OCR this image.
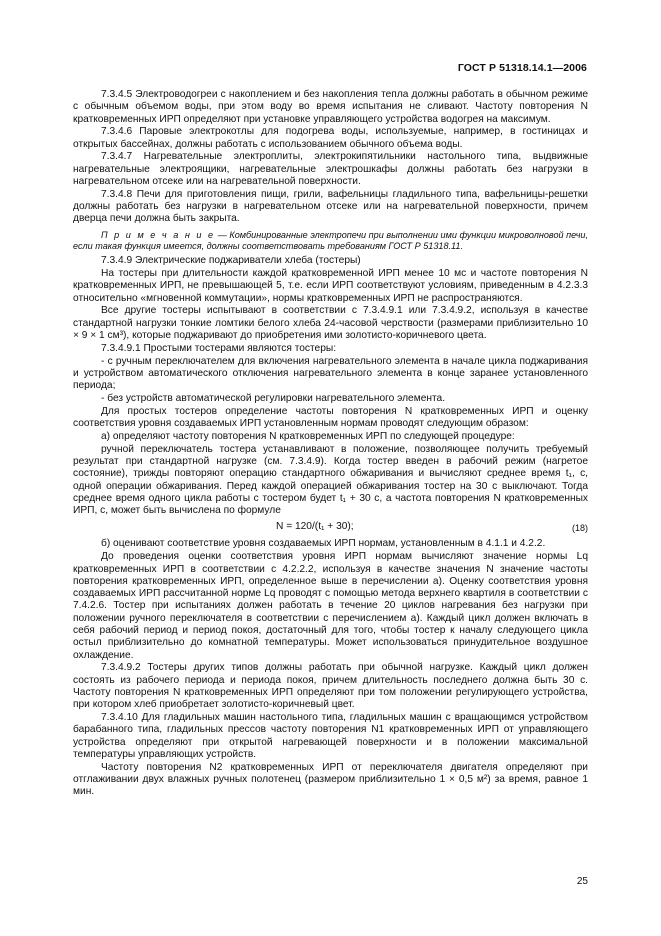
ГОСТ Р 51318.14.1—2006

7.3.4.5 Электроводогреи с накоплением и без накопления тепла должны работать в обычном режиме с обычным объемом воды, при этом воду во время испытания не сливают. Частоту повторения N кратковременных ИРП определяют при установке управляющего устройства водогрея на максимум.

7.3.4.6 Паровые электрокотлы для подогрева воды, используемые, например, в гостиницах и открытых бассейнах, должны работать с использованием обычного объема воды.

7.3.4.7 Нагревательные электроплиты, электрокипятильники настольного типа, выдвижные нагревательные электроящики, нагревательные электрошкафы должны работать без нагрузки в нагревательном отсеке или на нагревательной поверхности.

7.3.4.8 Печи для приготовления пищи, грили, вафельницы гладильного типа, вафельницы-решетки должны работать без нагрузки в нагревательном отсеке или на нагревательной поверхности, причем дверца печи должна быть закрыта.

П р и м е ч а н и е — Комбинированные электропечи при выполнении ими функции микроволновой печи, если такая функция имеется, должны соответствовать требованиям ГОСТ Р 51318.11.

7.3.4.9 Электрические поджариватели хлеба (тостеры)

На тостеры при длительности каждой кратковременной ИРП менее 10 мс и частоте повторения N кратковременных ИРП, не превышающей 5, т.е. если ИРП соответствуют условиям, приведенным в 4.2.3.3 относительно «мгновенной коммутации», нормы кратковременных ИРП не распространяются.

Все другие тостеры испытывают в соответствии с 7.3.4.9.1 или 7.3.4.9.2, используя в качестве стандартной нагрузки тонкие ломтики белого хлеба 24-часовой черствости (размерами приблизительно 10 × 9 × 1 см³), которые поджаривают до приобретения ими золотисто-коричневого цвета.

7.3.4.9.1 Простыми тостерами являются тостеры:

- с ручным переключателем для включения нагревательного элемента в начале цикла поджаривания и устройством автоматического отключения нагревательного элемента в конце заранее установленного периода;

- без устройств автоматической регулировки нагревательного элемента.

Для простых тостеров определение частоты повторения N кратковременных ИРП и оценку соответствия уровня создаваемых ИРП установленным нормам проводят следующим образом:

а) определяют частоту повторения N кратковременных ИРП по следующей процедуре:

ручной переключатель тостера устанавливают в положение, позволяющее получить требуемый результат при стандартной нагрузке (см. 7.3.4.9). Когда тостер введен в рабочий режим (нагретое состояние), трижды повторяют операцию стандартного обжаривания и вычисляют среднее время t₁, с, одной операции обжаривания. Перед каждой операцией обжаривания тостер на 30 с выключают. Тогда среднее время одного цикла работы с тостером будет t₁ + 30 с, а частота повторения N кратковременных ИРП, с, может быть вычислена по формуле

N = 120/(t₁ + 30);	(18)

б) оценивают соответствие уровня создаваемых ИРП нормам, установленным в 4.1.1 и 4.2.2.

До проведения оценки соответствия уровня ИРП нормам вычисляют значение нормы Lq кратковременных ИРП в соответствии с 4.2.2.2, используя в качестве значения N значение частоты повторения кратковременных ИРП, определенное выше в перечислении а). Оценку соответствия уровня создаваемых ИРП рассчитанной норме Lq проводят с помощью метода верхнего квартиля в соответствии с 7.4.2.6. Тостер при испытаниях должен работать в течение 20 циклов нагревания без нагрузки при положении ручного переключателя в соответствии с перечислением а). Каждый цикл должен включать в себя рабочий период и период покоя, достаточный для того, чтобы тостер к началу следующего цикла остыл приблизительно до комнатной температуры. Может использоваться принудительное воздушное охлаждение.

7.3.4.9.2 Тостеры других типов должны работать при обычной нагрузке. Каждый цикл должен состоять из рабочего периода и периода покоя, причем длительность последнего должна быть 30 с. Частоту повторения N кратковременных ИРП определяют при том положении регулирующего устройства, при котором хлеб приобретает золотисто-коричневый цвет.

7.3.4.10 Для гладильных машин настольного типа, гладильных машин с вращающимся устройством барабанного типа, гладильных прессов частоту повторения N1 кратковременных ИРП от управляющего устройства определяют при открытой нагревающей поверхности и в положении максимальной температуры управляющих устройств.

Частоту повторения N2 кратковременных ИРП от переключателя двигателя определяют при отглаживании двух влажных ручных полотенец (размером приблизительно 1 × 0,5 м²) за время, равное 1 мин.

25
